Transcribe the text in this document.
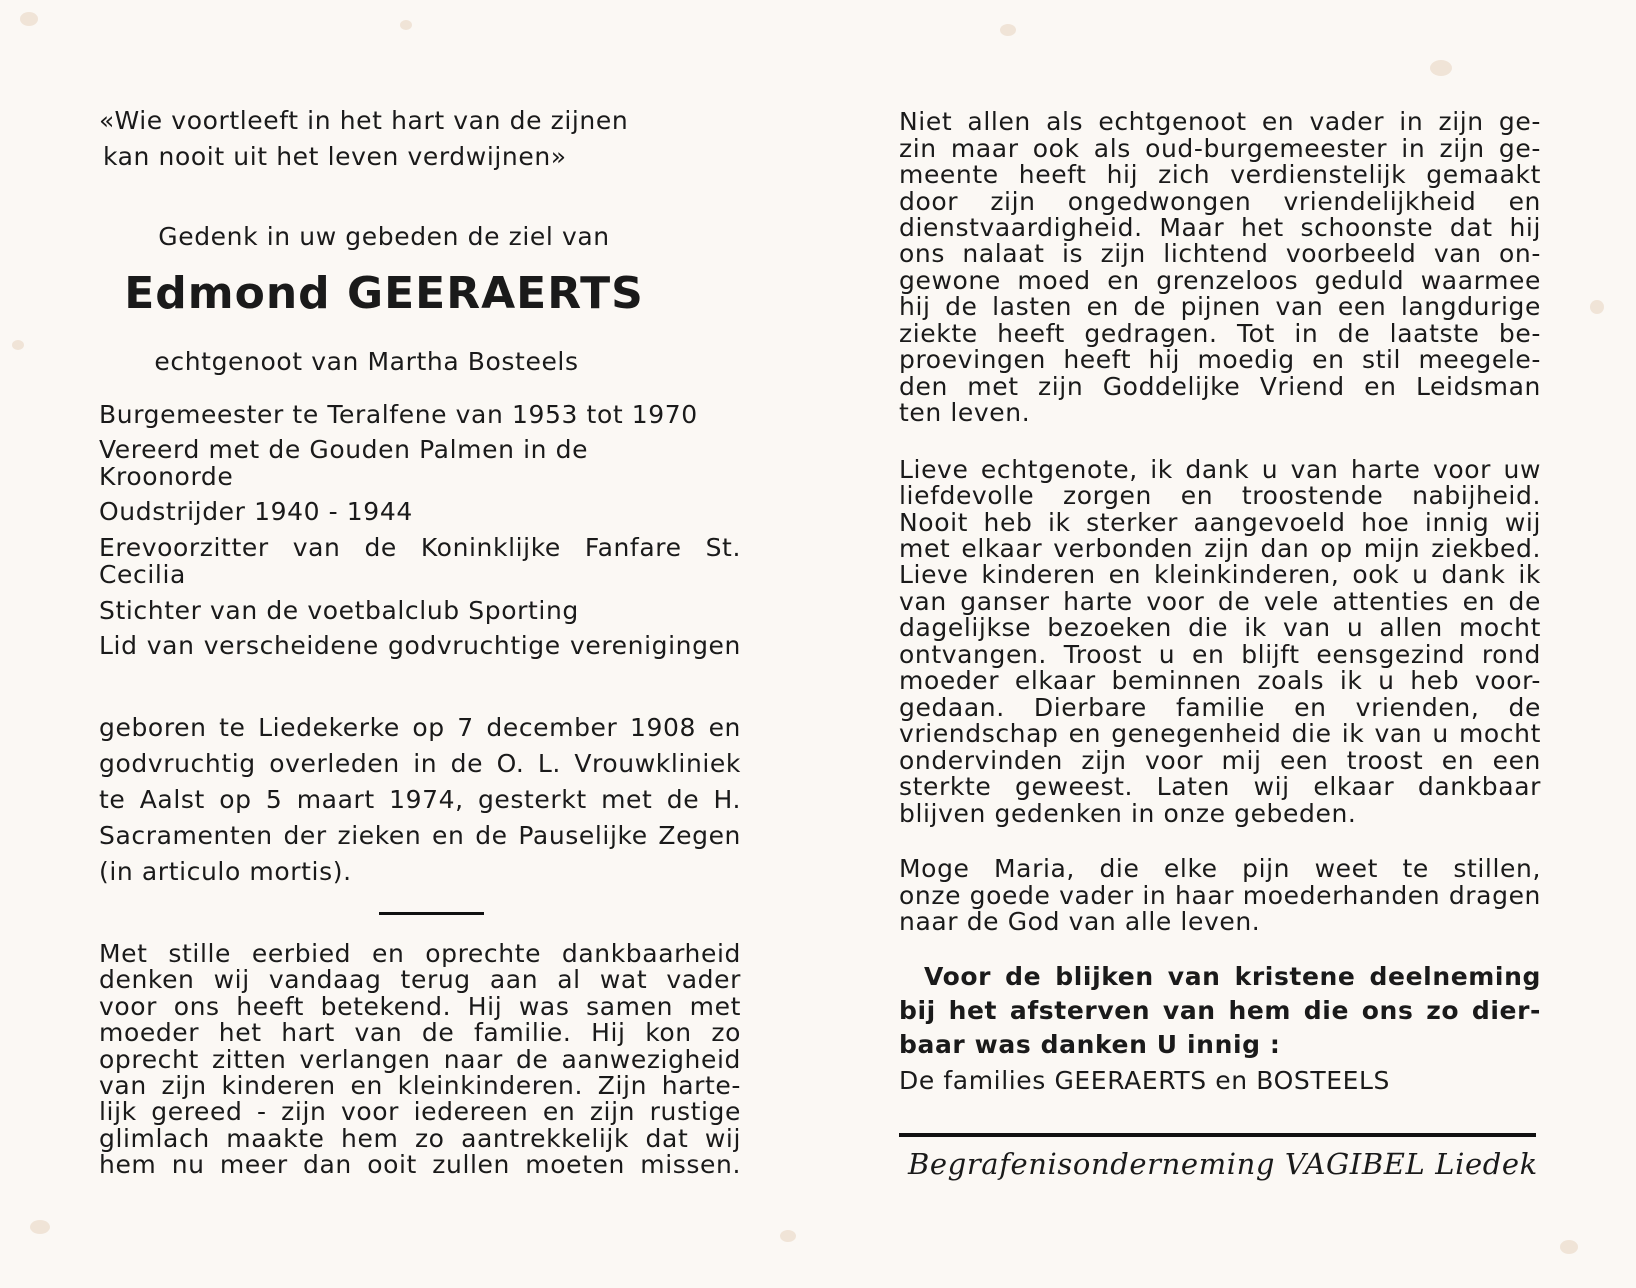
«Wie voortleeft in het hart van de zijnen
kan nooit uit het leven verdwijnen»
Gedenk in uw gebeden de ziel van
Edmond GEERAERTS
echtgenoot van Martha Bosteels
Burgemeester te Teralfene van 1953 tot 1970
Vereerd met de Gouden Palmen in de
Kroonorde
Oudstrijder 1940 - 1944
Erevoorzitter van de Koninklijke Fanfare St.
Cecilia
Stichter van de voetbalclub Sporting
Lid van verscheidene godvruchtige verenigingen
geboren te Liedekerke op 7 december 1908 en
godvruchtig overleden in de O. L. Vrouwkliniek
te Aalst op 5 maart 1974, gesterkt met de H.
Sacramenten der zieken en de Pauselijke Zegen
(in articulo mortis).
Met stille eerbied en oprechte dankbaarheid
denken wij vandaag terug aan al wat vader
voor ons heeft betekend. Hij was samen met
moeder het hart van de familie. Hij kon zo
oprecht zitten verlangen naar de aanwezigheid
van zijn kinderen en kleinkinderen. Zijn harte-
lijk gereed - zijn voor iedereen en zijn rustige
glimlach maakte hem zo aantrekkelijk dat wij
hem nu meer dan ooit zullen moeten missen.
Niet allen als echtgenoot en vader in zijn ge-
zin maar ook als oud-burgemeester in zijn ge-
meente heeft hij zich verdienstelijk gemaakt
door zijn ongedwongen vriendelijkheid en
dienstvaardigheid. Maar het schoonste dat hij
ons nalaat is zijn lichtend voorbeeld van on-
gewone moed en grenzeloos geduld waarmee
hij de lasten en de pijnen van een langdurige
ziekte heeft gedragen. Tot in de laatste be-
proevingen heeft hij moedig en stil meegele-
den met zijn Goddelijke Vriend en Leidsman
ten leven.
Lieve echtgenote, ik dank u van harte voor uw
liefdevolle zorgen en troostende nabijheid.
Nooit heb ik sterker aangevoeld hoe innig wij
met elkaar verbonden zijn dan op mijn ziekbed.
Lieve kinderen en kleinkinderen, ook u dank ik
van ganser harte voor de vele attenties en de
dagelijkse bezoeken die ik van u allen mocht
ontvangen. Troost u en blijft eensgezind rond
moeder elkaar beminnen zoals ik u heb voor-
gedaan. Dierbare familie en vrienden, de
vriendschap en genegenheid die ik van u mocht
ondervinden zijn voor mij een troost en een
sterkte geweest. Laten wij elkaar dankbaar
blijven gedenken in onze gebeden.
Moge Maria, die elke pijn weet te stillen,
onze goede vader in haar moederhanden dragen
naar de God van alle leven.
Voor de blijken van kristene deelneming
bij het afsterven van hem die ons zo dier-
baar was danken U innig :
De families GEERAERTS en BOSTEELS
Begrafenisonderneming VAGIBEL Liedek
